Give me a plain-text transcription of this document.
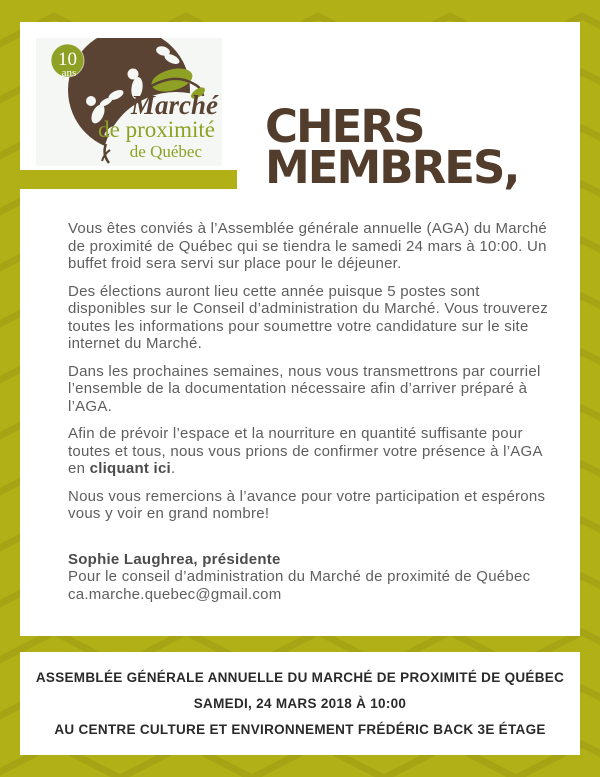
10
ans
Marché
de proximité
de Québec CHERS
MEMBRES,

Vous êtes conviés à l’Assemblée générale annuelle (AGA) du Marché de proximité de Québec qui se tiendra le samedi 24 mars à 10:00. Un buffet froid sera servi sur place pour le déjeuner.

Des élections auront lieu cette année puisque 5 postes sont disponibles sur le Conseil d’administration du Marché. Vous trouverez toutes les informations pour soumettre votre candidature sur le site internet du Marché.

Dans les prochaines semaines, nous vous transmettrons par courriel l’ensemble de la documentation nécessaire afin d’arriver préparé à l’AGA.

Afin de prévoir l’espace et la nourriture en quantité suffisante pour toutes et tous, nous vous prions de confirmer votre présence à l’AGA en cliquant ici.

Nous vous remercions à l’avance pour votre participation et espérons vous y voir en grand nombre!

Sophie Laughrea, présidente
Pour le conseil d’administration du Marché de proximité de Québec
ca.marche.quebec@gmail.com
ASSEMBLÉE GÉNÉRALE ANNUELLE DU MARCHÉ DE PROXIMITÉ DE QUÉBEC
SAMEDI, 24 MARS 2018 À 10:00
AU CENTRE CULTURE ET ENVIRONNEMENT FRÉDÉRIC BACK 3E ÉTAGE
